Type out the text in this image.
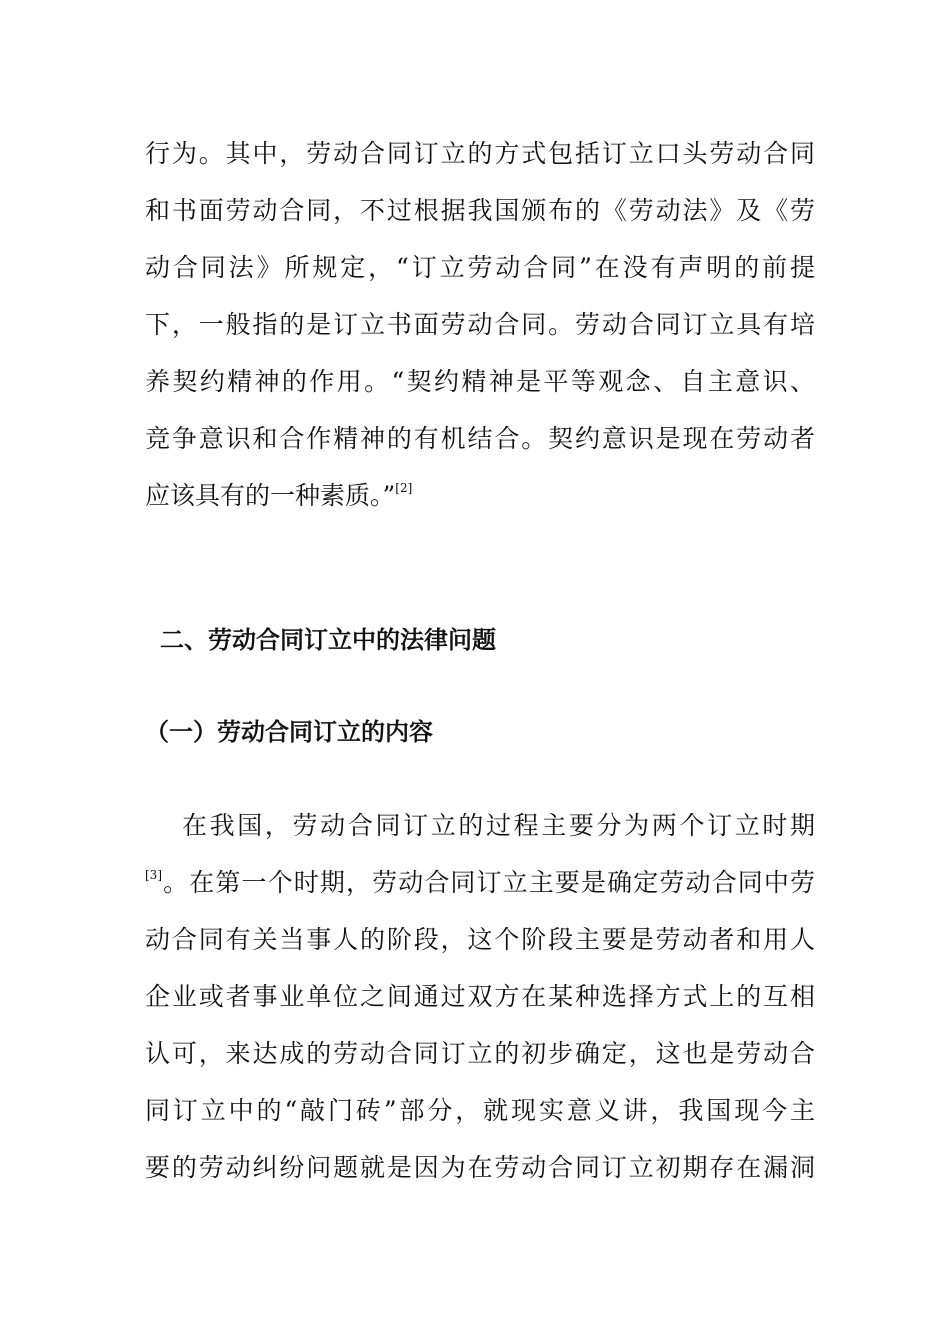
行为。其中，劳动合同订立的方式包括订立口头劳动合同
和书面劳动合同，不过根据我国颁布的《劳动法》及《劳
动合同法》所规定，“订立劳动合同”在没有声明的前提
下，一般指的是订立书面劳动合同。劳动合同订立具有培
养契约精神的作用。“契约精神是平等观念、自主意识、
竞争意识和合作精神的有机结合。契约意识是现在劳动者
应该具有的一种素质。”[2]
二、劳动合同订立中的法律问题
（一）劳动合同订立的内容
在我国，劳动合同订立的过程主要分为两个订立时期
[3]。在第一个时期，劳动合同订立主要是确定劳动合同中劳
动合同有关当事人的阶段，这个阶段主要是劳动者和用人
企业或者事业单位之间通过双方在某种选择方式上的互相
认可，来达成的劳动合同订立的初步确定，这也是劳动合
同订立中的“敲门砖”部分，就现实意义讲，我国现今主
要的劳动纠纷问题就是因为在劳动合同订立初期存在漏洞
